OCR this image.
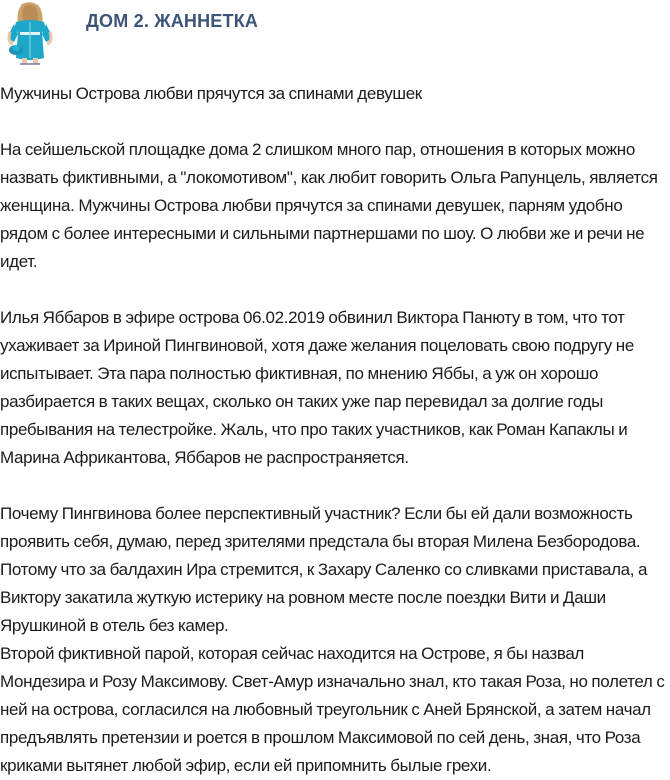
ДОМ 2. ЖАННЕТКА

Мужчины Острова любви прячутся за спинами девушек

На сейшельской площадке дома 2 слишком много пар, отношения в которых можно назвать фиктивными, а "локомотивом", как любит говорить Ольга Рапунцель, является женщина. Мужчины Острова любви прячутся за спинами девушек, парням удобно рядом с более интересными и сильными партнершами по шоу. О любви же и речи не идет.

Илья Яббаров в эфире острова 06.02.2019 обвинил Виктора Панюту в том, что тот ухаживает за Ириной Пингвиновой, хотя даже желания поцеловать свою подругу не испытывает. Эта пара полностью фиктивная, по мнению Яббы, а уж он хорошо разбирается в таких вещах, сколько он таких уже пар перевидал за долгие годы пребывания на телестройке. Жаль, что про таких участников, как Роман Капаклы и Марина Африкантова, Яббаров не распространяется.

Почему Пингвинова более перспективный участник? Если бы ей дали возможность проявить себя, думаю, перед зрителями предстала бы вторая Милена Безбородова. Потому что за балдахин Ира стремится, к Захару Саленко со сливками приставала, а Виктору закатила жуткую истерику на ровном месте после поездки Вити и Даши Ярушкиной в отель без камер.

Второй фиктивной парой, которая сейчас находится на Острове, я бы назвал Мондезира и Розу Максимову. Свет-Амур изначально знал, кто такая Роза, но полетел с ней на острова, согласился на любовный треугольник с Аней Брянской, а затем начал предъявлять претензии и роется в прошлом Максимовой по сей день, зная, что Роза криками вытянет любой эфир, если ей припомнить былые грехи.
